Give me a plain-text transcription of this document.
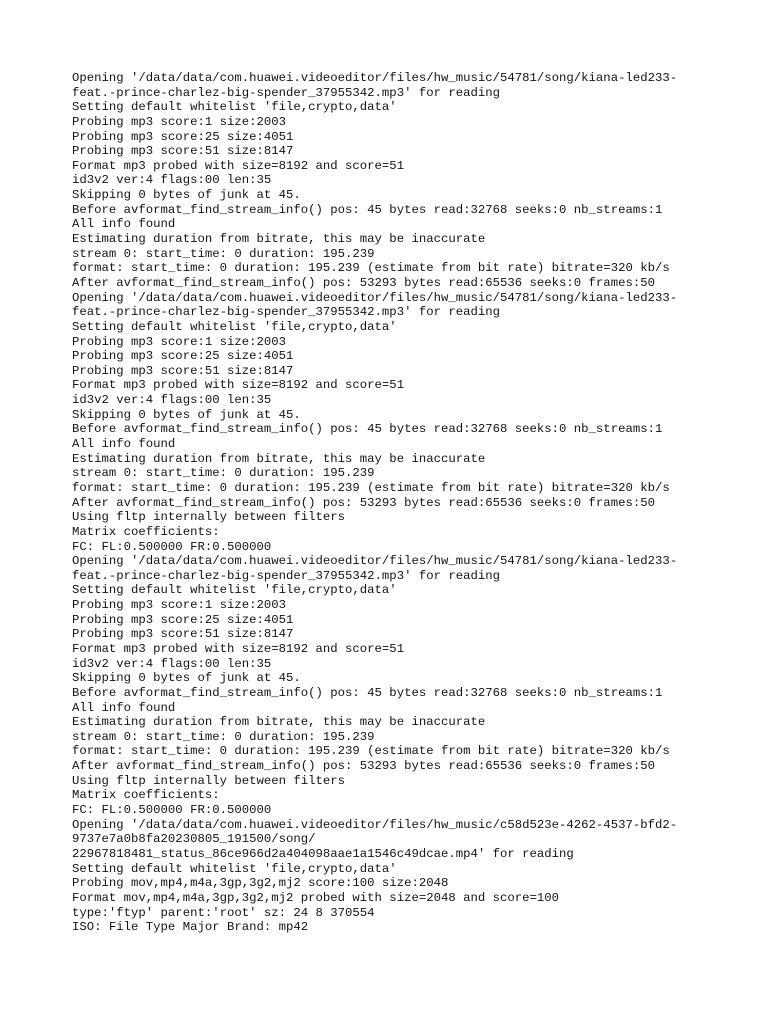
Opening '/data/data/com.huawei.videoeditor/files/hw_music/54781/song/kiana-led233-
feat.-prince-charlez-big-spender_37955342.mp3' for reading
Setting default whitelist 'file,crypto,data'
Probing mp3 score:1 size:2003
Probing mp3 score:25 size:4051
Probing mp3 score:51 size:8147
Format mp3 probed with size=8192 and score=51
id3v2 ver:4 flags:00 len:35
Skipping 0 bytes of junk at 45.
Before avformat_find_stream_info() pos: 45 bytes read:32768 seeks:0 nb_streams:1
All info found
Estimating duration from bitrate, this may be inaccurate
stream 0: start_time: 0 duration: 195.239
format: start_time: 0 duration: 195.239 (estimate from bit rate) bitrate=320 kb/s
After avformat_find_stream_info() pos: 53293 bytes read:65536 seeks:0 frames:50
Opening '/data/data/com.huawei.videoeditor/files/hw_music/54781/song/kiana-led233-
feat.-prince-charlez-big-spender_37955342.mp3' for reading
Setting default whitelist 'file,crypto,data'
Probing mp3 score:1 size:2003
Probing mp3 score:25 size:4051
Probing mp3 score:51 size:8147
Format mp3 probed with size=8192 and score=51
id3v2 ver:4 flags:00 len:35
Skipping 0 bytes of junk at 45.
Before avformat_find_stream_info() pos: 45 bytes read:32768 seeks:0 nb_streams:1
All info found
Estimating duration from bitrate, this may be inaccurate
stream 0: start_time: 0 duration: 195.239
format: start_time: 0 duration: 195.239 (estimate from bit rate) bitrate=320 kb/s
After avformat_find_stream_info() pos: 53293 bytes read:65536 seeks:0 frames:50
Using fltp internally between filters
Matrix coefficients:
FC: FL:0.500000 FR:0.500000
Opening '/data/data/com.huawei.videoeditor/files/hw_music/54781/song/kiana-led233-
feat.-prince-charlez-big-spender_37955342.mp3' for reading
Setting default whitelist 'file,crypto,data'
Probing mp3 score:1 size:2003
Probing mp3 score:25 size:4051
Probing mp3 score:51 size:8147
Format mp3 probed with size=8192 and score=51
id3v2 ver:4 flags:00 len:35
Skipping 0 bytes of junk at 45.
Before avformat_find_stream_info() pos: 45 bytes read:32768 seeks:0 nb_streams:1
All info found
Estimating duration from bitrate, this may be inaccurate
stream 0: start_time: 0 duration: 195.239
format: start_time: 0 duration: 195.239 (estimate from bit rate) bitrate=320 kb/s
After avformat_find_stream_info() pos: 53293 bytes read:65536 seeks:0 frames:50
Using fltp internally between filters
Matrix coefficients:
FC: FL:0.500000 FR:0.500000
Opening '/data/data/com.huawei.videoeditor/files/hw_music/c58d523e-4262-4537-bfd2-
9737e7a0b8fa20230805_191500/song/
22967818481_status_86ce966d2a404098aae1a1546c49dcae.mp4' for reading
Setting default whitelist 'file,crypto,data'
Probing mov,mp4,m4a,3gp,3g2,mj2 score:100 size:2048
Format mov,mp4,m4a,3gp,3g2,mj2 probed with size=2048 and score=100
type:'ftyp' parent:'root' sz: 24 8 370554
ISO: File Type Major Brand: mp42
